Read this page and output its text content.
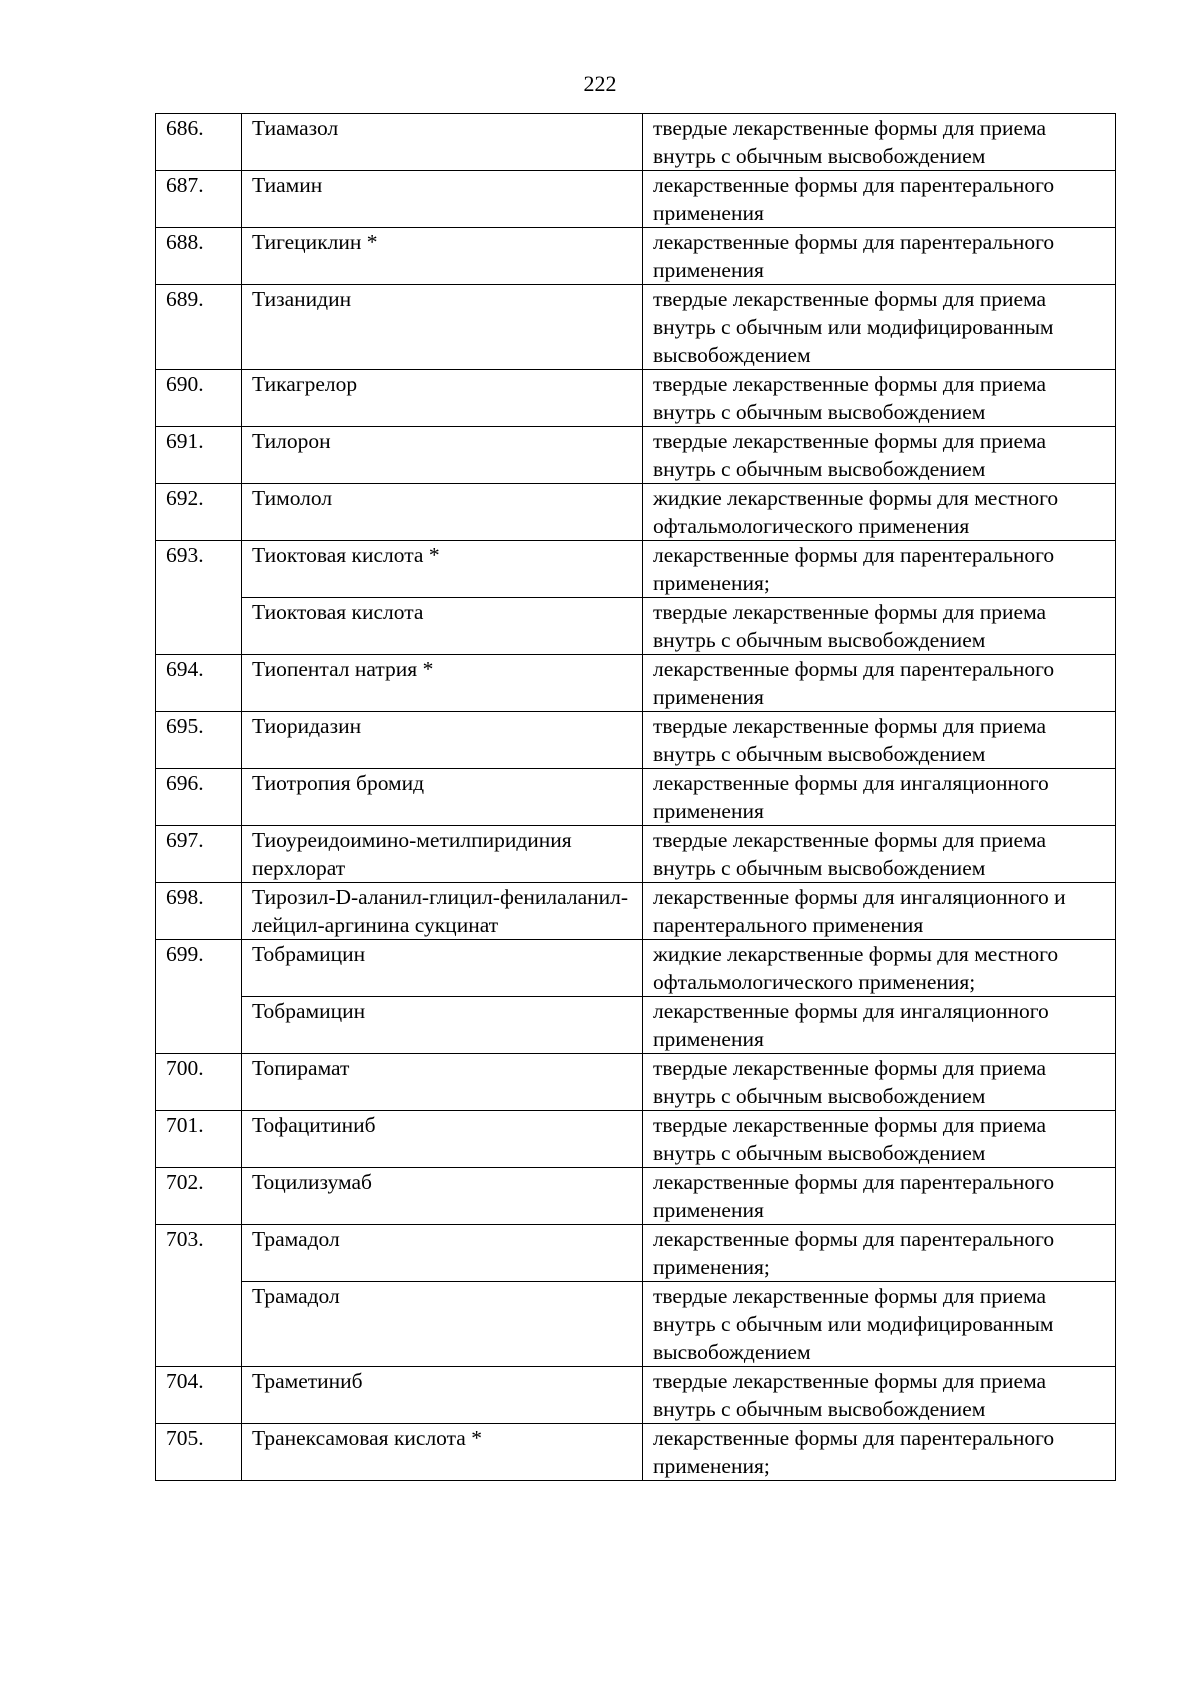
222
686.	Тиамазол	твердые лекарственные формы для приема внутрь с обычным высвобождением
687.	Тиамин	лекарственные формы для парентерального применения
688.	Тигециклин *	лекарственные формы для парентерального применения
689.	Тизанидин	твердые лекарственные формы для приема внутрь с обычным или модифицированным высвобождением
690.	Тикагрелор	твердые лекарственные формы для приема внутрь с обычным высвобождением
691.	Тилорон	твердые лекарственные формы для приема внутрь с обычным высвобождением
692.	Тимолол	жидкие лекарственные формы для местного офтальмологического применения
693.	Тиоктовая кислота *	лекарственные формы для парентерального применения;
	Тиоктовая кислота	твердые лекарственные формы для приема внутрь с обычным высвобождением
694.	Тиопентал натрия *	лекарственные формы для парентерального применения
695.	Тиоридазин	твердые лекарственные формы для приема внутрь с обычным высвобождением
696.	Тиотропия бромид	лекарственные формы для ингаляционного применения
697.	Тиоуреидоимино-метилпиридиния перхлорат	твердые лекарственные формы для приема внутрь с обычным высвобождением
698.	Тирозил-D-аланил-глицил-фенилаланил-лейцил-аргинина сукцинат	лекарственные формы для ингаляционного и парентерального применения
699.	Тобрамицин	жидкие лекарственные формы для местного офтальмологического применения;
	Тобрамицин	лекарственные формы для ингаляционного применения
700.	Топирамат	твердые лекарственные формы для приема внутрь с обычным высвобождением
701.	Тофацитиниб	твердые лекарственные формы для приема внутрь с обычным высвобождением
702.	Тоцилизумаб	лекарственные формы для парентерального применения
703.	Трамадол	лекарственные формы для парентерального применения;
	Трамадол	твердые лекарственные формы для приема внутрь с обычным или модифицированным высвобождением
704.	Траметиниб	твердые лекарственные формы для приема внутрь с обычным высвобождением
705.	Транексамовая кислота *	лекарственные формы для парентерального применения;
